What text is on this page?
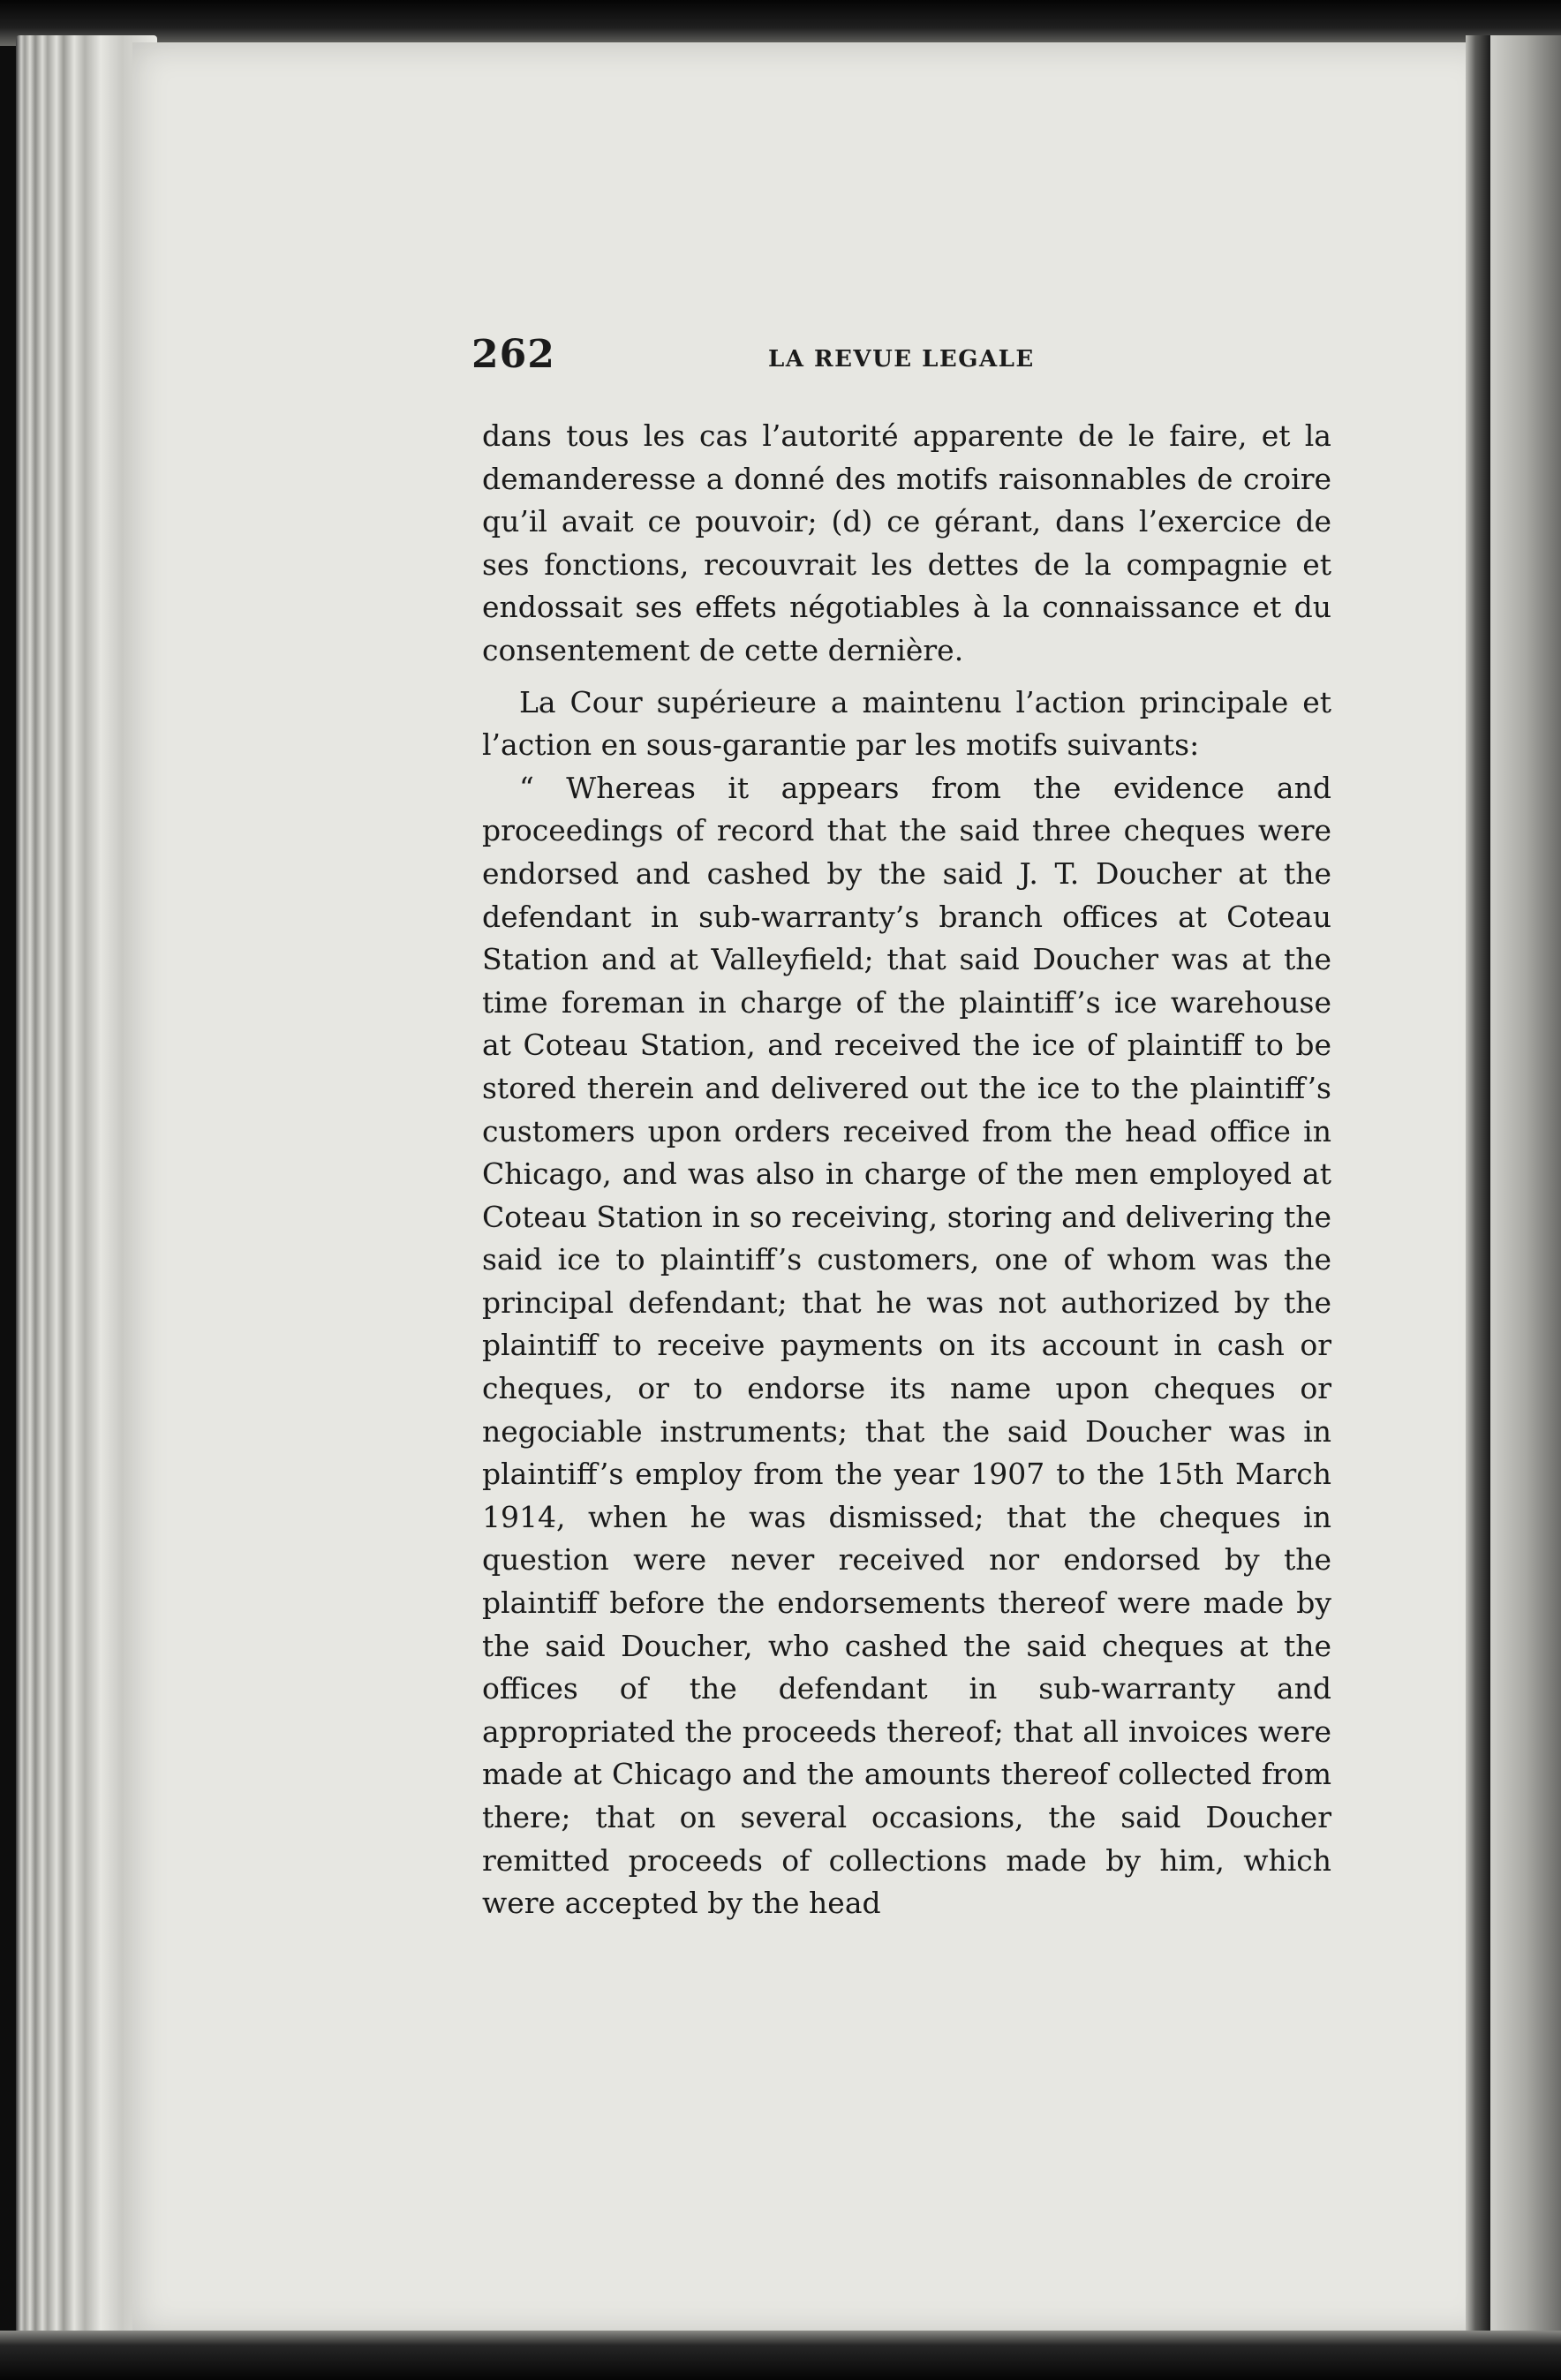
262	LA REVUE LEGALE

dans tous les cas l’autorité apparente de le faire, et la demanderesse a donné des motifs raisonnables de croire qu’il avait ce pouvoir; (d) ce gérant, dans l’exercice de ses fonctions, recouvrait les dettes de la compagnie et endossait ses effets négotiables à la connaissance et du consentement de cette dernière.

La Cour supérieure a maintenu l’action principale et l’action en sous-garantie par les motifs suivants:

“ Whereas it appears from the evidence and proceedings of record that the said three cheques were endorsed and cashed by the said J. T. Doucher at the defendant in sub-warranty’s branch offices at Coteau Station and at Valleyfield; that said Doucher was at the time foreman in charge of the plaintiff’s ice warehouse at Coteau Station, and received the ice of plaintiff to be stored therein and delivered out the ice to the plaintiff’s customers upon orders received from the head office in Chicago, and was also in charge of the men employed at Coteau Station in so receiving, storing and delivering the said ice to plaintiff’s customers, one of whom was the principal defendant; that he was not authorized by the plaintiff to receive payments on its account in cash or cheques, or to endorse its name upon cheques or negociable instruments; that the said Doucher was in plaintiff’s employ from the year 1907 to the 15th March 1914, when he was dismissed; that the cheques in question were never received nor endorsed by the plaintiff before the endorsements thereof were made by the said Doucher, who cashed the said cheques at the offices of the defendant in sub-warranty and appropriated the proceeds thereof; that all invoices were made at Chicago and the amounts thereof collected from there; that on several occasions, the said Doucher remitted proceeds of collections made by him, which were accepted by the head
